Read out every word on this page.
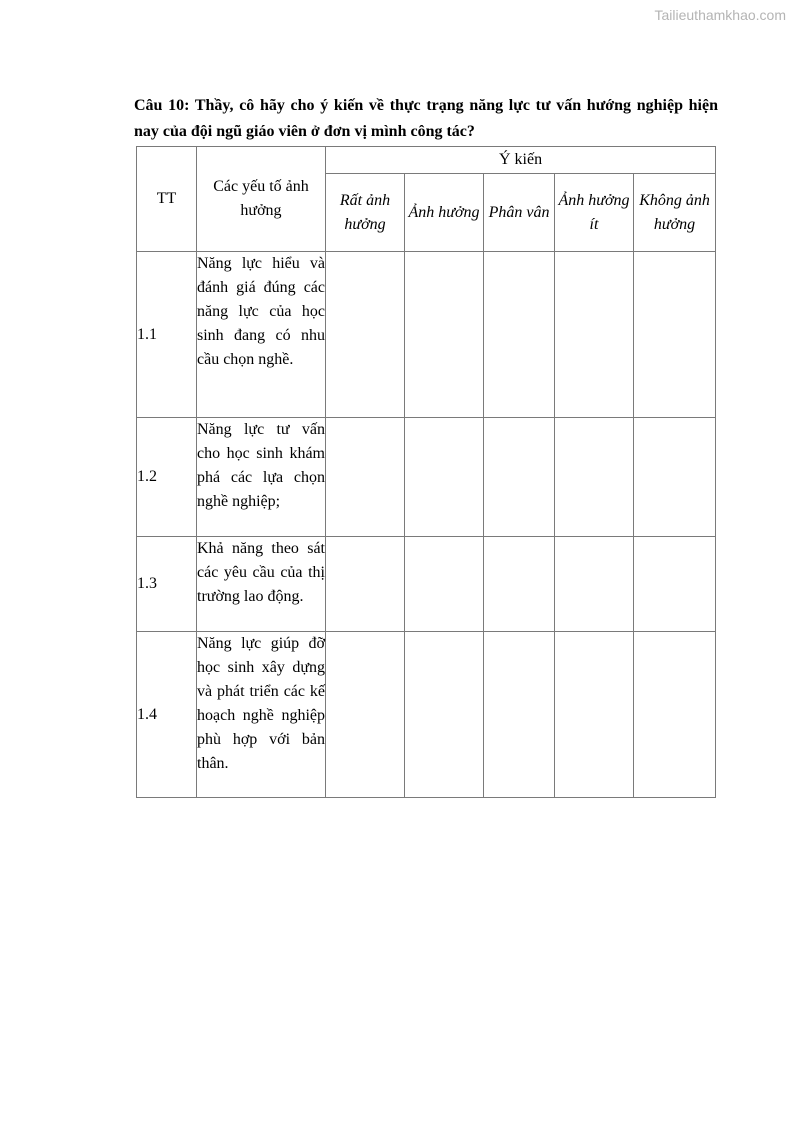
Tailieuthamkhao.com
Câu 10: Thầy, cô hãy cho ý kiến về thực trạng năng lực tư vấn hướng nghiệp hiện nay của đội ngũ giáo viên ở đơn vị mình công tác?
TT	Các yếu tố ảnh hưởng	Ý kiến				
		Rất ảnh hưởng	Ảnh hưởng	Phân vân	Ảnh hưởng ít	Không ảnh hưởng
1.1	Năng lực hiểu và đánh giá đúng các năng lực của học sinh đang có nhu cầu chọn nghề.					
1.2	Năng lực tư vấn cho học sinh khám phá các lựa chọn nghề nghiệp;					
1.3	Khả năng theo sát các yêu cầu của thị trường lao động.					
1.4	Năng lực giúp đỡ học sinh xây dựng và phát triển các kế hoạch nghề nghiệp phù hợp với bản thân.					
